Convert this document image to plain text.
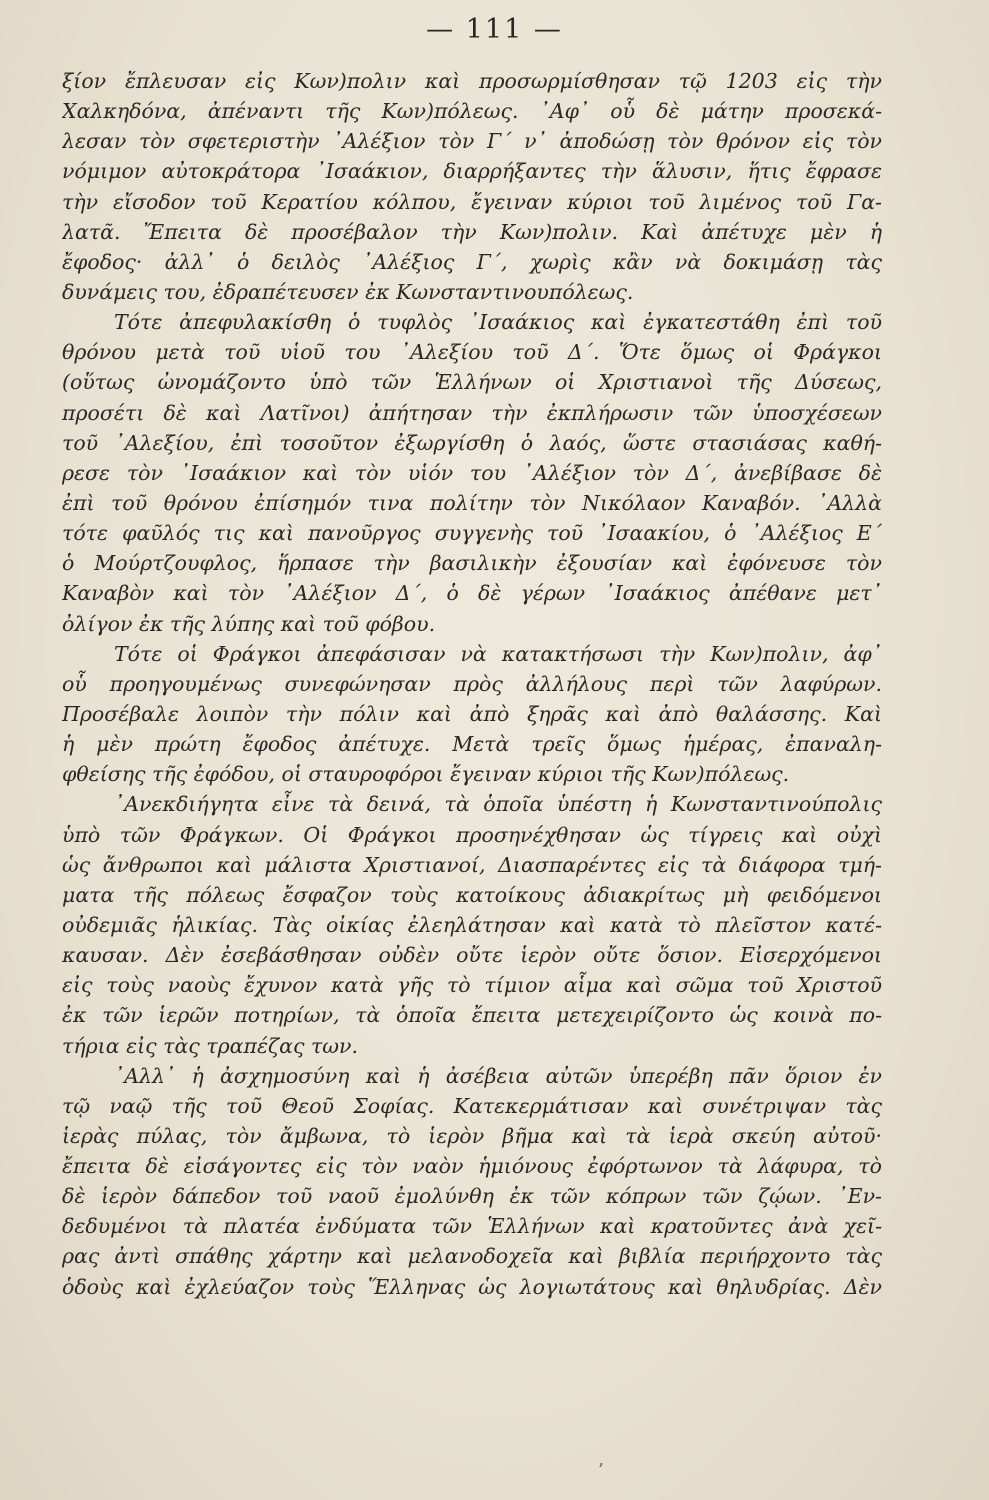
— 111 —
ξίον ἔπλευσαν εἰς Κων)πολιν καὶ προσωρμίσθησαν τῷ 1203 εἰς τὴν
Χαλκηδόνα, ἀπέναντι τῆς Κων)πόλεως. ᾿Αφ᾿ οὗ δὲ μάτην προσεκά-
λεσαν τὸν σφετεριστὴν ᾿Αλέξιον τὸν Γ΄ ν᾿ ἀποδώσῃ τὸν θρόνον εἰς τὸν
νόμιμον αὐτοκράτορα ᾿Ισαάκιον, διαρρήξαντες τὴν ἅλυσιν, ἥτις ἔφρασε
τὴν εἴσοδον τοῦ Κερατίου κόλπου, ἔγειναν κύριοι τοῦ λιμένος τοῦ Γα-
λατᾶ. Ἔπειτα δὲ προσέβαλον τὴν Κων)πολιν. Καὶ ἀπέτυχε μὲν ἡ
ἔφοδος· ἀλλ᾿ ὁ δειλὸς ᾿Αλέξιος Γ΄, χωρὶς κἂν νὰ δοκιμάσῃ τὰς
δυνάμεις του, ἐδραπέτευσεν ἐκ Κωνσταντινουπόλεως.
Τότε ἀπεφυλακίσθη ὁ τυφλὸς ᾿Ισαάκιος καὶ ἐγκατεστάθη ἐπὶ τοῦ
θρόνου μετὰ τοῦ υἱοῦ του ᾿Αλεξίου τοῦ Δ΄. Ὅτε ὅμως οἱ Φράγκοι
(οὕτως ὠνομάζοντο ὑπὸ τῶν Ἑλλήνων οἱ Χριστιανοὶ τῆς Δύσεως,
προσέτι δὲ καὶ Λατῖνοι) ἀπήτησαν τὴν ἐκπλήρωσιν τῶν ὑποσχέσεων
τοῦ ᾿Αλεξίου, ἐπὶ τοσοῦτον ἐξωργίσθη ὁ λαός, ὥστε στασιάσας καθή-
ρεσε τὸν ᾿Ισαάκιον καὶ τὸν υἱόν του ᾿Αλέξιον τὸν Δ΄, ἀνεβίβασε δὲ
ἐπὶ τοῦ θρόνου ἐπίσημόν τινα πολίτην τὸν Νικόλαον Καναβόν. ᾿Αλλὰ
τότε φαῦλός τις καὶ πανοῦργος συγγενὴς τοῦ ᾿Ισαακίου, ὁ ᾿Αλέξιος Ε΄
ὁ Μούρτζουφλος, ἥρπασε τὴν βασιλικὴν ἐξουσίαν καὶ ἐφόνευσε τὸν
Καναβὸν καὶ τὸν ᾿Αλέξιον Δ΄, ὁ δὲ γέρων ᾿Ισαάκιος ἀπέθανε μετ᾿
ὀλίγον ἐκ τῆς λύπης καὶ τοῦ φόβου.
Τότε οἱ Φράγκοι ἀπεφάσισαν νὰ κατακτήσωσι τὴν Κων)πολιν, ἀφ᾿
οὗ προηγουμένως συνεφώνησαν πρὸς ἀλλήλους περὶ τῶν λαφύρων.
Προσέβαλε λοιπὸν τὴν πόλιν καὶ ἀπὸ ξηρᾶς καὶ ἀπὸ θαλάσσης. Καὶ
ἡ μὲν πρώτη ἔφοδος ἀπέτυχε. Μετὰ τρεῖς ὅμως ἡμέρας, ἐπαναλη-
φθείσης τῆς ἐφόδου, οἱ σταυροφόροι ἔγειναν κύριοι τῆς Κων)πόλεως.
᾿Ανεκδιήγητα εἶνε τὰ δεινά, τὰ ὁποῖα ὑπέστη ἡ Κωνσταντινούπολις
ὑπὸ τῶν Φράγκων. Οἱ Φράγκοι προσηνέχθησαν ὡς τίγρεις καὶ οὐχὶ
ὡς ἄνθρωποι καὶ μάλιστα Χριστιανοί, Διασπαρέντες εἰς τὰ διάφορα τμή-
ματα τῆς πόλεως ἔσφαζον τοὺς κατοίκους ἀδιακρίτως μὴ φειδόμενοι
οὐδεμιᾶς ἡλικίας. Τὰς οἰκίας ἐλεηλάτησαν καὶ κατὰ τὸ πλεῖστον κατέ-
καυσαν. Δὲν ἐσεβάσθησαν οὐδὲν οὔτε ἱερὸν οὔτε ὅσιον. Εἰσερχόμενοι
εἰς τοὺς ναοὺς ἔχυνον κατὰ γῆς τὸ τίμιον αἷμα καὶ σῶμα τοῦ Χριστοῦ
ἐκ τῶν ἱερῶν ποτηρίων, τὰ ὁποῖα ἔπειτα μετεχειρίζοντο ὡς κοινὰ πο-
τήρια εἰς τὰς τραπέζας των.
᾿Αλλ᾿ ἡ ἀσχημοσύνη καὶ ἡ ἀσέβεια αὐτῶν ὑπερέβη πᾶν ὅριον ἐν
τῷ ναῷ τῆς τοῦ Θεοῦ Σοφίας. Κατεκερμάτισαν καὶ συνέτριψαν τὰς
ἱερὰς πύλας, τὸν ἄμβωνα, τὸ ἱερὸν βῆμα καὶ τὰ ἱερὰ σκεύη αὐτοῦ·
ἔπειτα δὲ εἰσάγοντες εἰς τὸν ναὸν ἡμιόνους ἐφόρτωνον τὰ λάφυρα, τὸ
δὲ ἱερὸν δάπεδον τοῦ ναοῦ ἐμολύνθη ἐκ τῶν κόπρων τῶν ζῴων. ᾿Εν-
δεδυμένοι τὰ πλατέα ἐνδύματα τῶν Ἑλλήνων καὶ κρατοῦντες ἀνὰ χεῖ-
ρας ἀντὶ σπάθης χάρτην καὶ μελανοδοχεῖα καὶ βιβλία περιήρχοντο τὰς
ὁδοὺς καὶ ἐχλεύαζον τοὺς Ἕλληνας ὡς λογιωτάτους καὶ θηλυδρίας. Δὲν
’
